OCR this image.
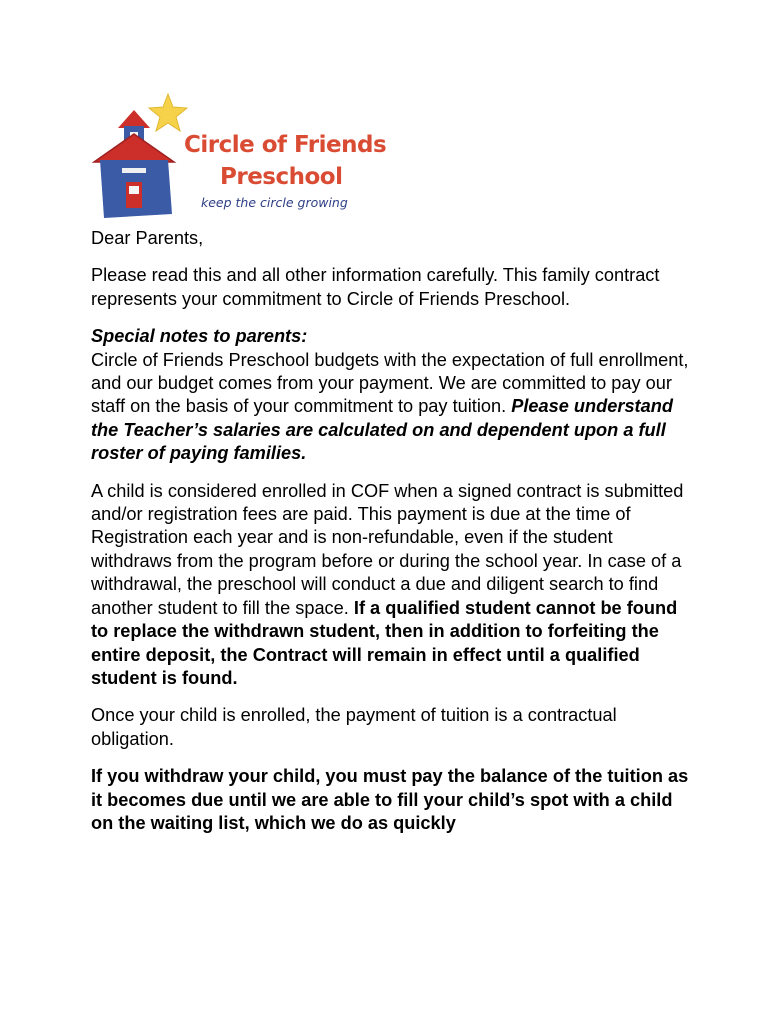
Circle of Friends
Preschool
keep the circle growing

Dear Parents,

Please read this and all other information carefully. This family contract represents your commitment to Circle of Friends Preschool.

Special notes to parents:

Circle of Friends Preschool budgets with the expectation of full enrollment, and our budget comes from your payment. We are committed to pay our staff on the basis of your commitment to pay tuition. Please understand the Teacher’s salaries are calculated on and dependent upon a full roster of paying families.

A child is considered enrolled in COF when a signed contract is submitted and/or registration fees are paid. This payment is due at the time of Registration each year and is non-refundable, even if the student withdraws from the program before or during the school year. In case of a withdrawal, the preschool will conduct a due and diligent search to find another student to fill the space. If a qualified student cannot be found to replace the withdrawn student, then in addition to forfeiting the entire deposit, the Contract will remain in effect until a qualified student is found.

Once your child is enrolled, the payment of tuition is a contractual obligation.

If you withdraw your child, you must pay the balance of the tuition as it becomes due until we are able to fill your child’s spot with a child on the waiting list, which we do as quickly
